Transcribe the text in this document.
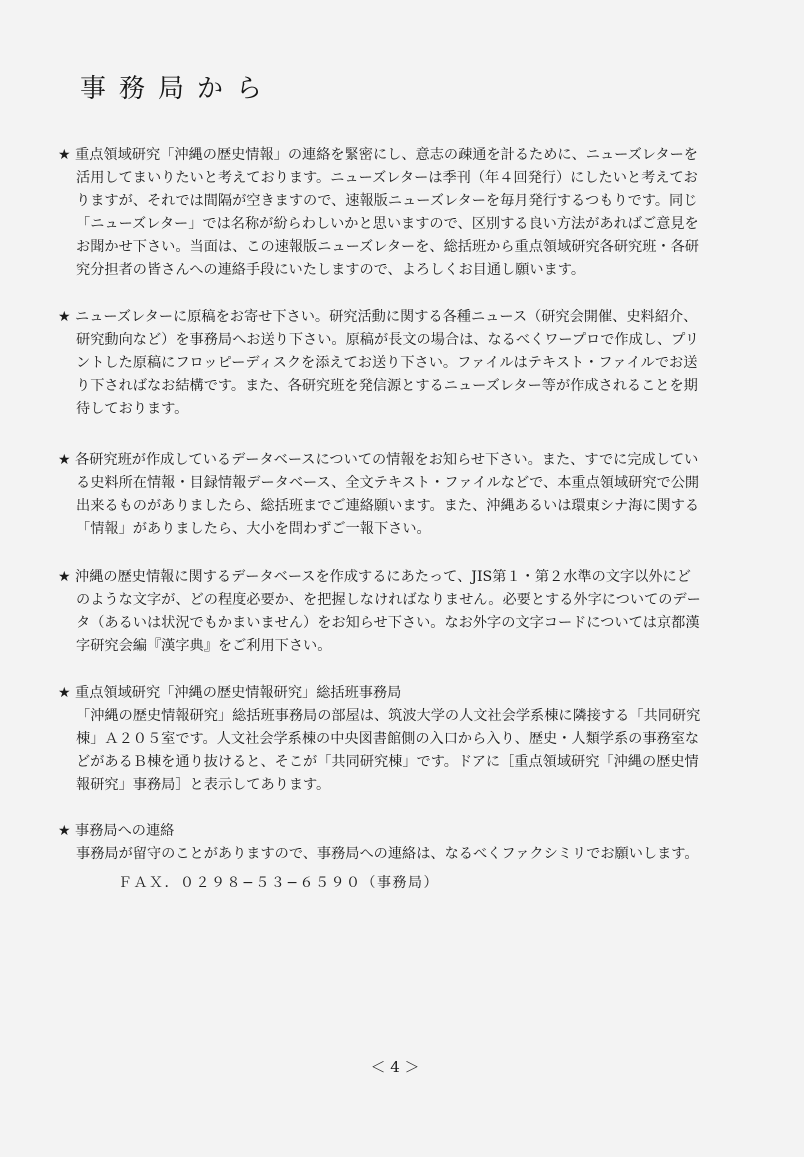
事務局から
★ 重点領域研究「沖縄の歴史情報」の連絡を緊密にし、意志の疎通を計るために、ニューズレターを
活用してまいりたいと考えております。ニューズレターは季刊（年４回発行）にしたいと考えてお
りますが、それでは間隔が空きますので、速報版ニューズレターを毎月発行するつもりです。同じ
「ニューズレター」では名称が紛らわしいかと思いますので、区別する良い方法があればご意見を
お聞かせ下さい。当面は、この速報版ニューズレターを、総括班から重点領域研究各研究班・各研
究分担者の皆さんへの連絡手段にいたしますので、よろしくお目通し願います。
★ ニューズレターに原稿をお寄せ下さい。研究活動に関する各種ニュース（研究会開催、史料紹介、
研究動向など）を事務局へお送り下さい。原稿が長文の場合は、なるべくワープロで作成し、プリ
ントした原稿にフロッピーディスクを添えてお送り下さい。ファイルはテキスト・ファイルでお送
り下さればなお結構です。また、各研究班を発信源とするニューズレター等が作成されることを期
待しております。
★ 各研究班が作成しているデータベースについての情報をお知らせ下さい。また、すでに完成してい
る史料所在情報・目録情報データベース、全文テキスト・ファイルなどで、本重点領域研究で公開
出来るものがありましたら、総括班までご連絡願います。また、沖縄あるいは環東シナ海に関する
「情報」がありましたら、大小を問わずご一報下さい。
★ 沖縄の歴史情報に関するデータベースを作成するにあたって、JIS第１・第２水準の文字以外にど
のような文字が、どの程度必要か、を把握しなければなりません。必要とする外字についてのデー
タ（あるいは状況でもかまいません）をお知らせ下さい。なお外字の文字コードについては京都漢
字研究会編『漢字典』をご利用下さい。
★ 重点領域研究「沖縄の歴史情報研究」総括班事務局
「沖縄の歴史情報研究」総括班事務局の部屋は、筑波大学の人文社会学系棟に隣接する「共同研究
棟」Ａ２０５室です。人文社会学系棟の中央図書館側の入口から入り、歴史・人類学系の事務室な
どがあるＢ棟を通り抜けると、そこが「共同研究棟」です。ドアに［重点領域研究「沖縄の歴史情
報研究」事務局］と表示してあります。
★ 事務局への連絡
事務局が留守のことがありますので、事務局への連絡は、なるべくファクシミリでお願いします。
ＦＡＸ．０２９８−５３−６５９０（事務局）
＜ 4 ＞
